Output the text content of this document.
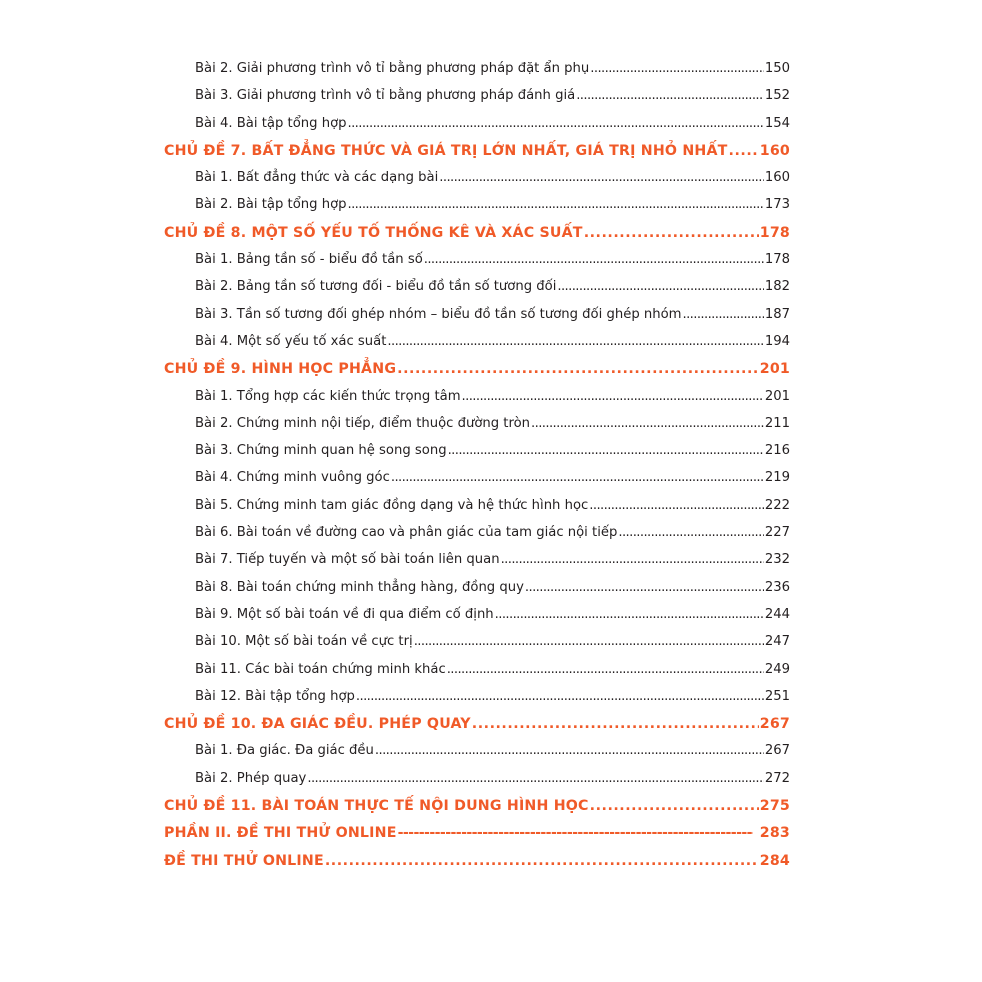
Bài 2. Giải phương trình vô tỉ bằng phương pháp đặt ẩn phụ . . .	150
Bài 3. Giải phương trình vô tỉ bằng phương pháp đánh giá . . .	152
Bài 4. Bài tập tổng hợp . . .	154
CHỦ ĐỀ 7. BẤT ĐẲNG THỨC VÀ GIÁ TRỊ LỚN NHẤT, GIÁ TRỊ NHỎ NHẤT . . . 160
Bài 1. Bất đẳng thức và các dạng bài . . .	160
Bài 2. Bài tập tổng hợp . . .	173
CHỦ ĐỀ 8. MỘT SỐ YẾU TỐ THỐNG KÊ VÀ XÁC SUẤT . . .	178
Bài 1. Bảng tần số - biểu đồ tần số . . .	178
Bài 2. Bảng tần số tương đối - biểu đồ tần số tương đối . . .	182
Bài 3. Tần số tương đối ghép nhóm – biểu đồ tần số tương đối ghép nhóm . . .	187
Bài 4. Một số yếu tố xác suất . . .	194
CHỦ ĐỀ 9. HÌNH HỌC PHẲNG . . .	201
Bài 1. Tổng hợp các kiến thức trọng tâm . . .	201
Bài 2. Chứng minh nội tiếp, điểm thuộc đường tròn . . .	211
Bài 3. Chứng minh quan hệ song song . . .	216
Bài 4. Chứng minh vuông góc . . .	219
Bài 5. Chứng minh tam giác đồng dạng và hệ thức hình học . . .	222
Bài 6. Bài toán về đường cao và phân giác của tam giác nội tiếp . . .	227
Bài 7. Tiếp tuyến và một số bài toán liên quan . . .	232
Bài 8. Bài toán chứng minh thẳng hàng, đồng quy . . .	236
Bài 9. Một số bài toán về đi qua điểm cố định . . .	244
Bài 10. Một số bài toán về cực trị . . .	247
Bài 11. Các bài toán chứng minh khác . . .	249
Bài 12. Bài tập tổng hợp . . .	251
CHỦ ĐỀ 10. ĐA GIÁC ĐỀU. PHÉP QUAY . . .	267
Bài 1. Đa giác. Đa giác đều . . .	267
Bài 2. Phép quay . . .	272
CHỦ ĐỀ 11. BÀI TOÁN THỰC TẾ NỘI DUNG HÌNH HỌC . . .	275
PHẦN II. ĐỀ THI THỬ ONLINE -----	283
ĐỀ THI THỬ ONLINE . . .	284
